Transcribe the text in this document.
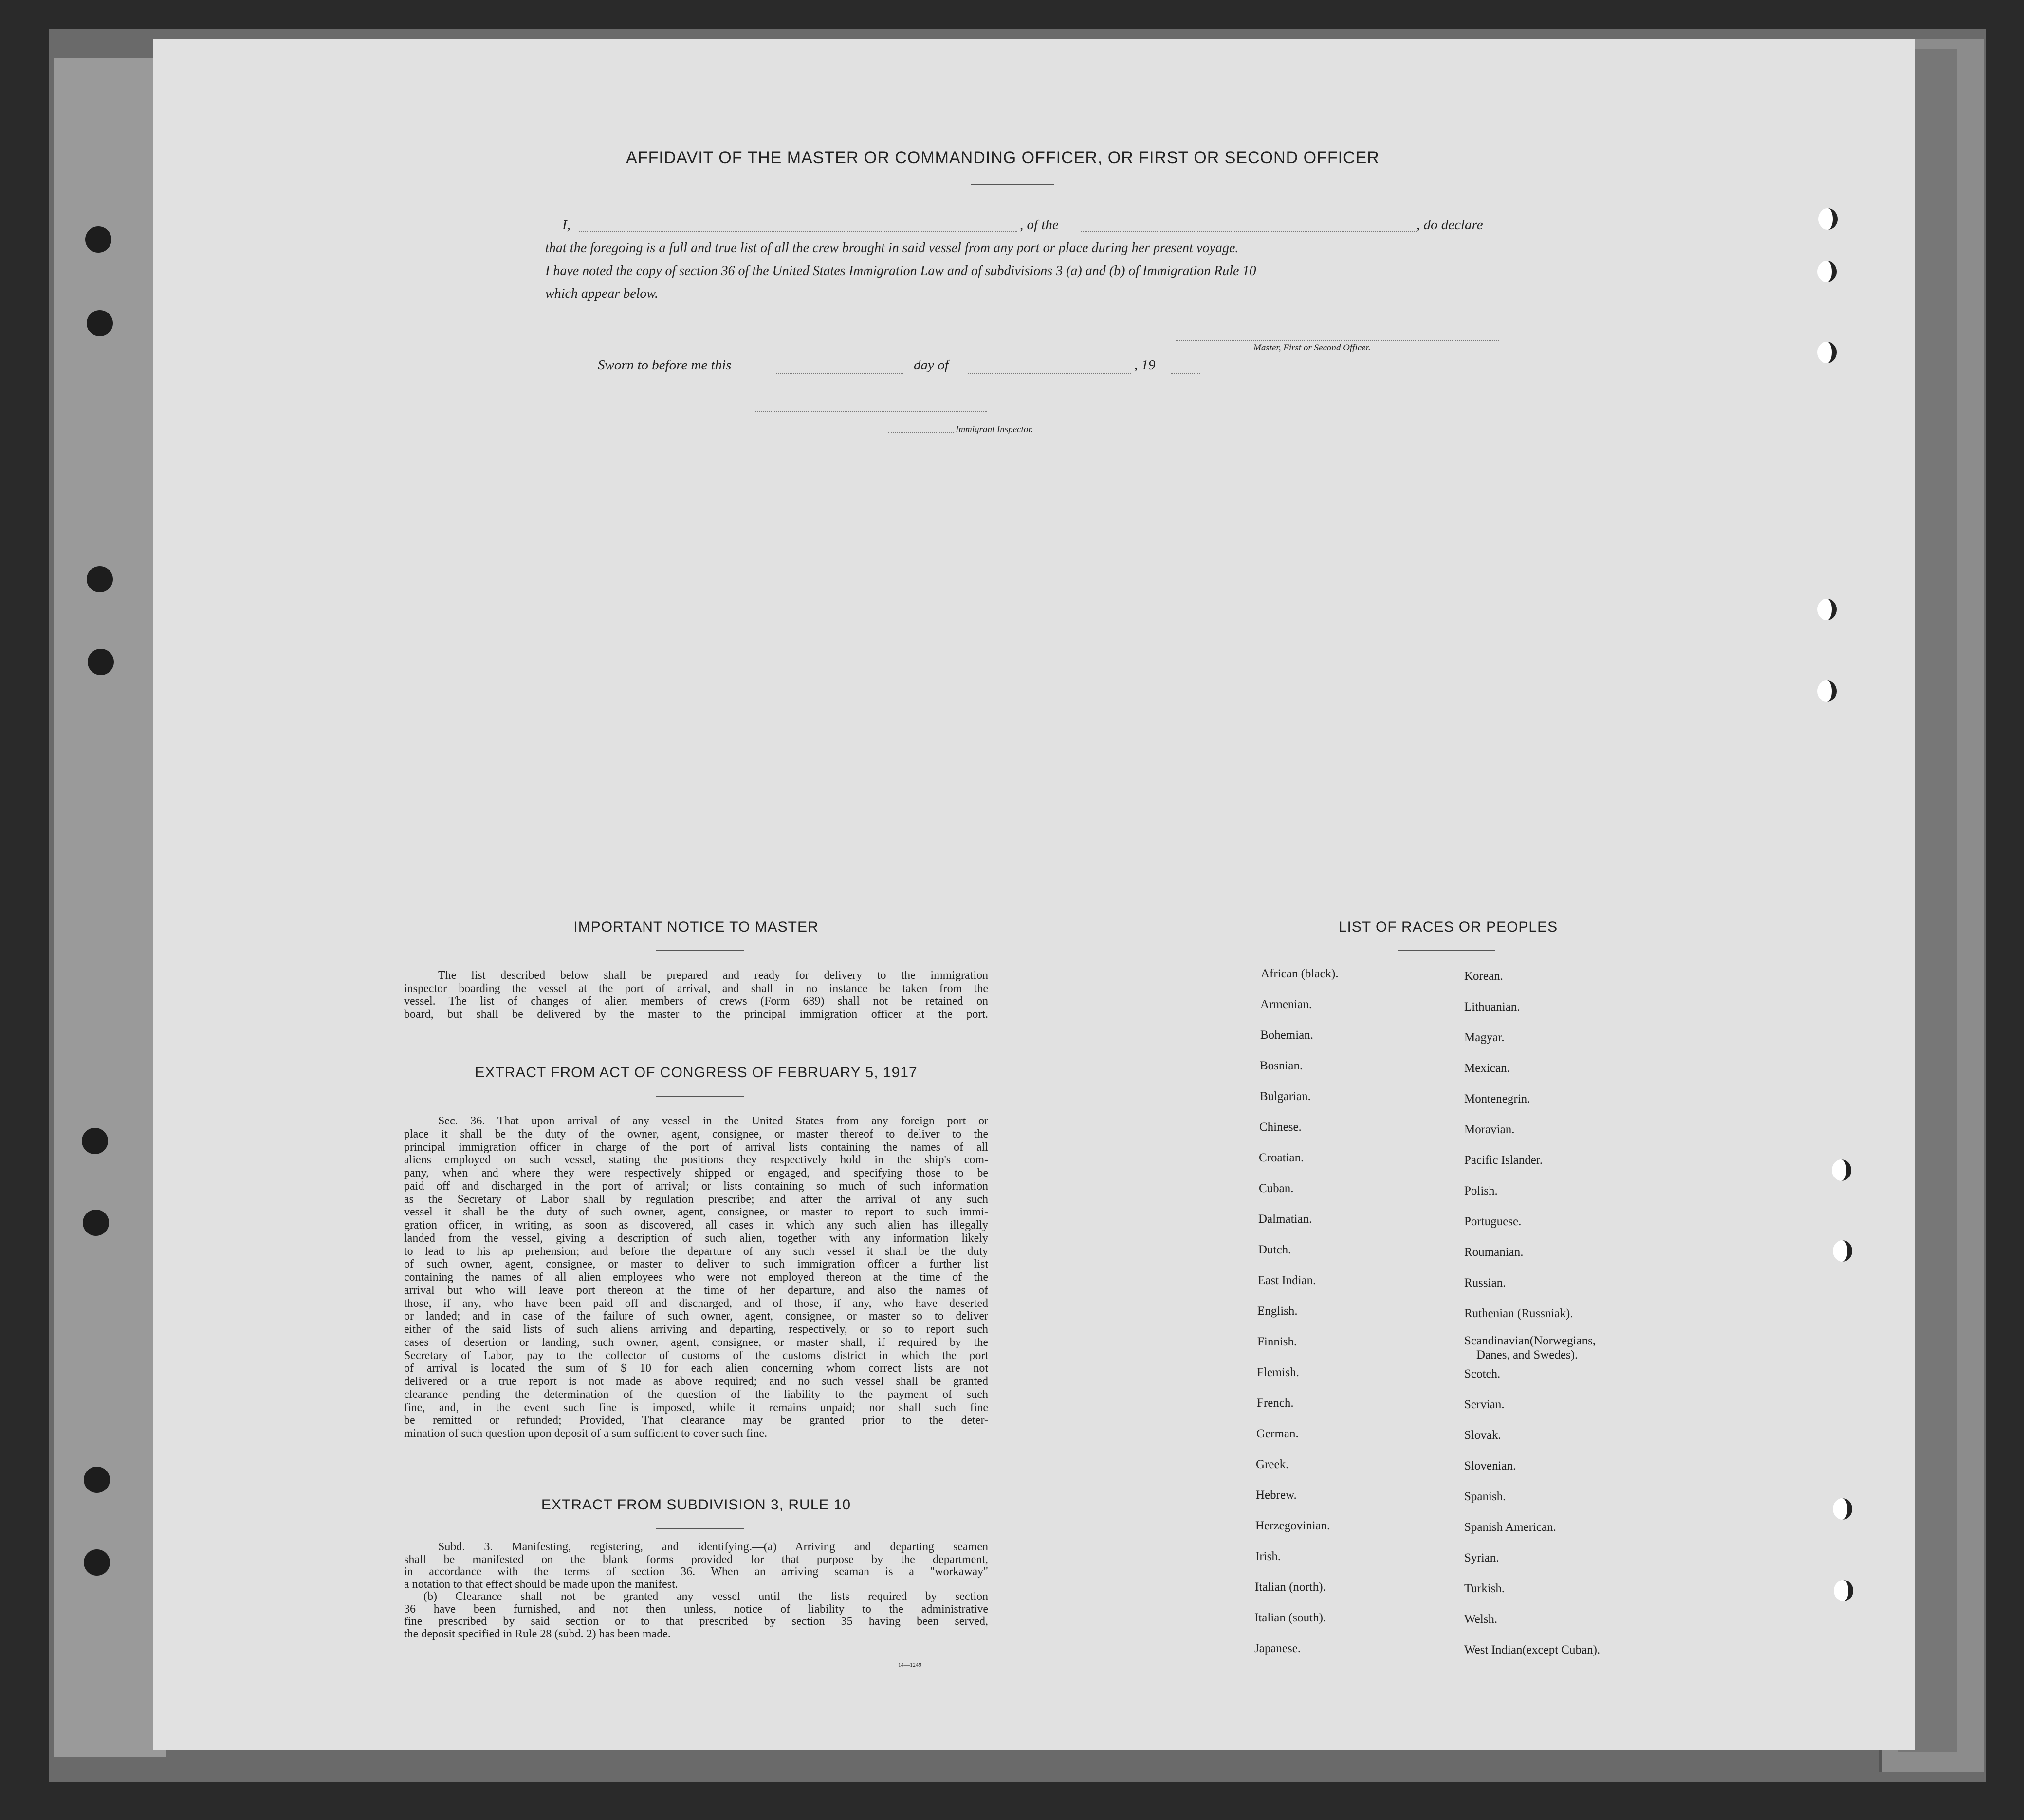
AFFIDAVIT OF THE MASTER OR COMMANDING OFFICER, OR FIRST OR SECOND OFFICER
I,	, of the	, do declare
that the foregoing is a full and true list of all the crew brought in said vessel from any port or place during her present voyage.
I have noted the copy of section 36 of the United States Immigration Law and of subdivisions 3 (a) and (b) of Immigration Rule 10
which appear below.
Master, First or Second Officer.
Sworn to before me this	day of	, 19
Immigrant Inspector.
IMPORTANT NOTICE TO MASTER
The list described below shall be prepared and ready for delivery to the immigration
inspector boarding the vessel at the port of arrival, and shall in no instance be taken from the
vessel. The list of changes of alien members of crews (Form 689) shall not be retained on
board, but shall be delivered by the master to the principal immigration officer at the port.
EXTRACT FROM ACT OF CONGRESS OF FEBRUARY 5, 1917
Sec. 36. That upon arrival of any vessel in the United States from any foreign port or
place it shall be the duty of the owner, agent, consignee, or master thereof to deliver to the
principal immigration officer in charge of the port of arrival lists containing the names of all
aliens employed on such vessel, stating the positions they respectively hold in the ship's com-
pany, when and where they were respectively shipped or engaged, and specifying those to be
paid off and discharged in the port of arrival; or lists containing so much of such information
as the Secretary of Labor shall by regulation prescribe; and after the arrival of any such
vessel it shall be the duty of such owner, agent, consignee, or master to report to such immi-
gration officer, in writing, as soon as discovered, all cases in which any such alien has illegally
landed from the vessel, giving a description of such alien, together with any information likely
to lead to his ap prehension; and before the departure of any such vessel it shall be the duty
of such owner, agent, consignee, or master to deliver to such immigration officer a further list
containing the names of all alien employees who were not employed thereon at the time of the
arrival but who will leave port thereon at the time of her departure, and also the names of
those, if any, who have been paid off and discharged, and of those, if any, who have deserted
or landed; and in case of the failure of such owner, agent, consignee, or master so to deliver
either of the said lists of such aliens arriving and departing, respectively, or so to report such
cases of desertion or landing, such owner, agent, consignee, or master shall, if required by the
Secretary of Labor, pay to the collector of customs of the customs district in which the port
of arrival is located the sum of $ 10 for each alien concerning whom correct lists are not
delivered or a true report is not made as above required; and no such vessel shall be granted
clearance pending the determination of the question of the liability to the payment of such
fine, and, in the event such fine is imposed, while it remains unpaid; nor shall such fine
be remitted or refunded; Provided, That clearance may be granted prior to the deter-
mination of such question upon deposit of a sum sufficient to cover such fine.
EXTRACT FROM SUBDIVISION 3, RULE 10
Subd. 3. Manifesting, registering, and identifying.—(a) Arriving and departing seamen
shall be manifested on the blank forms provided for that purpose by the department,
in accordance with the terms of section 36. When an arriving seaman is a "workaway"
a notation to that effect should be made upon the manifest.
(b) Clearance shall not be granted any vessel until the lists required by section
36 have been furnished, and not then unless, notice of liability to the administrative
fine prescribed by said section or to that prescribed by section 35 having been served,
the deposit specified in Rule 28 (subd. 2) has been made.
14—1249
LIST OF RACES OR PEOPLES
African (black).
Armenian.
Bohemian.
Bosnian.
Bulgarian.
Chinese.
Croatian.
Cuban.
Dalmatian.
Dutch.
East Indian.
English.
Finnish.
Flemish.
French.
German.
Greek.
Hebrew.
Herzegovinian.
Irish.
Italian (north).
Italian (south).
Japanese.
Korean.
Lithuanian.
Magyar.
Mexican.
Montenegrin.
Moravian.
Pacific Islander.
Polish.
Portuguese.
Roumanian.
Russian.
Ruthenian (Russniak).
Scandinavian(Norwegians,
Danes, and Swedes).
Scotch.
Servian.
Slovak.
Slovenian.
Spanish.
Spanish American.
Syrian.
Turkish.
Welsh.
West Indian(except Cuban).
